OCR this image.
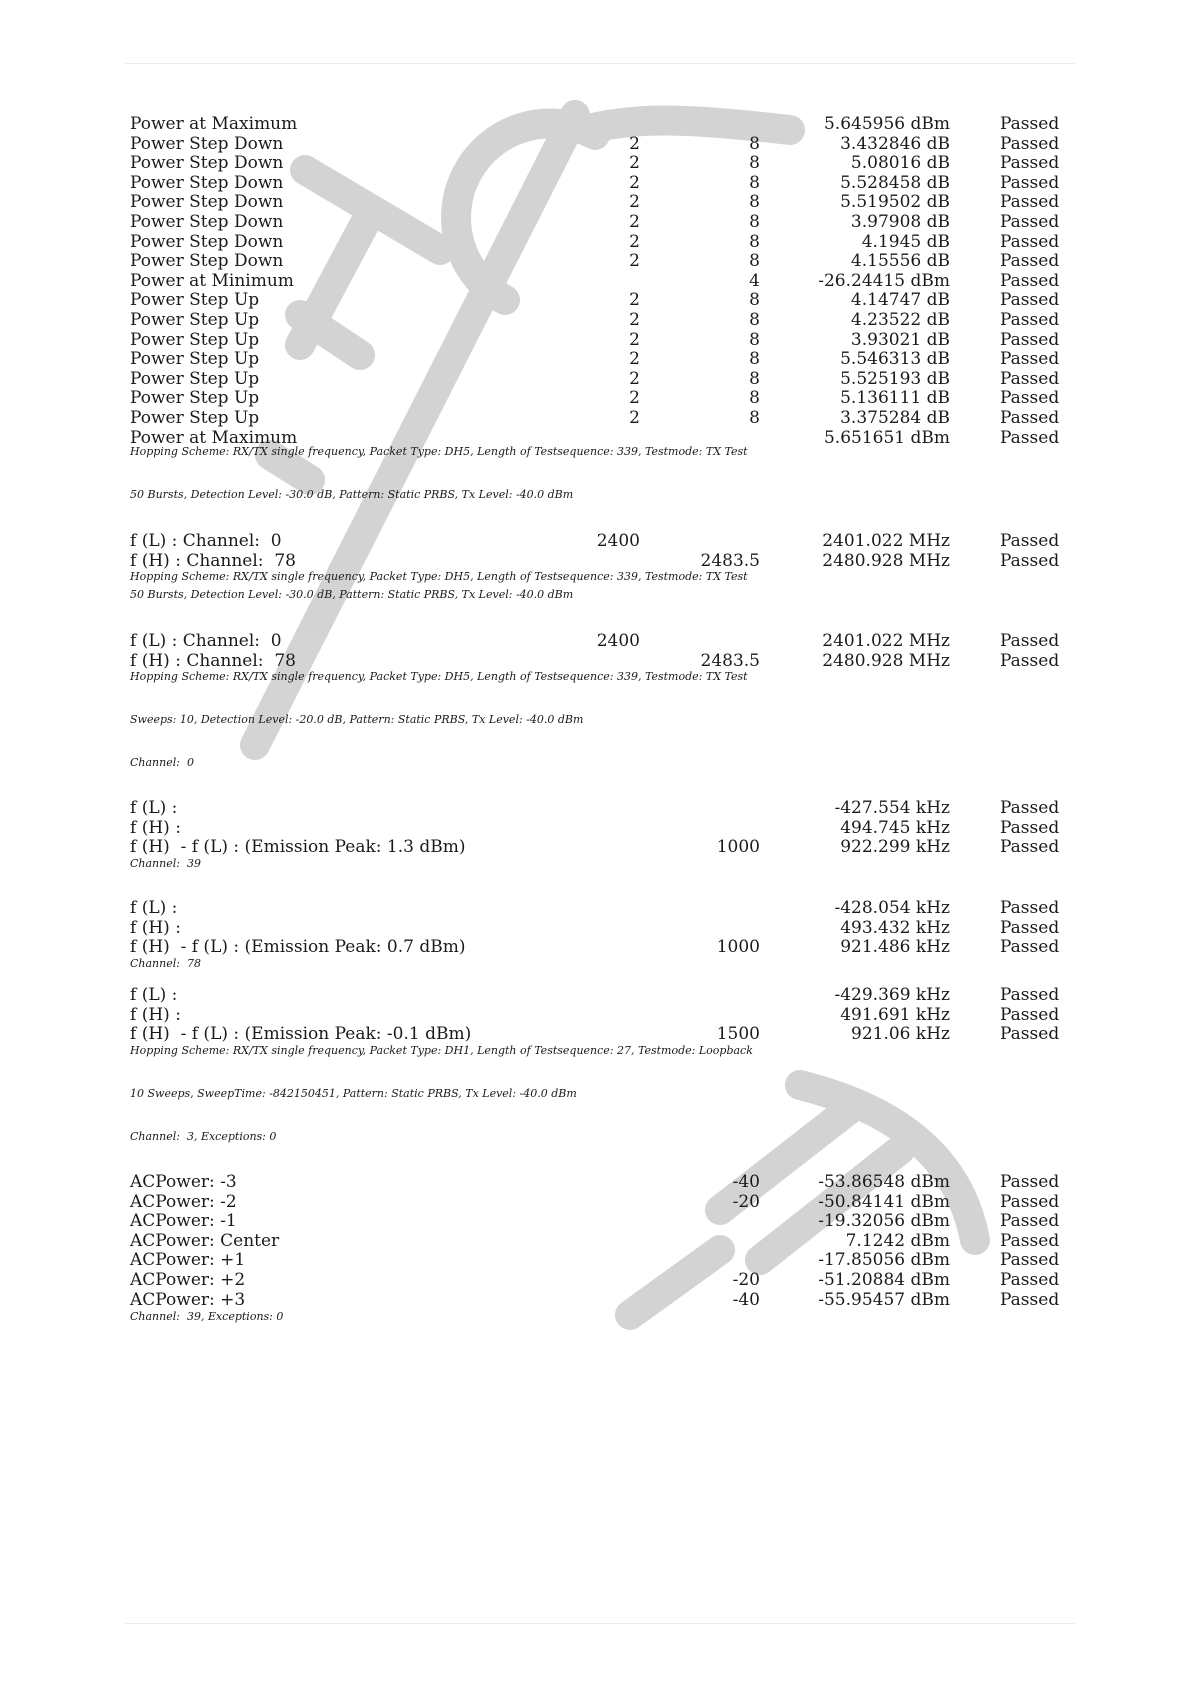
Power at Maximum	5.645956 dBm	Passed
Power Step Down	2	8	3.432846 dB	Passed
Power Step Down	2	8	5.08016 dB	Passed
Power Step Down	2	8	5.528458 dB	Passed
Power Step Down	2	8	5.519502 dB	Passed
Power Step Down	2	8	3.97908 dB	Passed
Power Step Down	2	8	4.1945 dB	Passed
Power Step Down	2	8	4.15556 dB	Passed
Power at Minimum	4	-26.24415 dBm	Passed
Power Step Up	2	8	4.14747 dB	Passed
Power Step Up	2	8	4.23522 dB	Passed
Power Step Up	2	8	3.93021 dB	Passed
Power Step Up	2	8	5.546313 dB	Passed
Power Step Up	2	8	5.525193 dB	Passed
Power Step Up	2	8	5.136111 dB	Passed
Power Step Up	2	8	3.375284 dB	Passed
Power at Maximum	5.651651 dBm	Passed
Hopping Scheme: RX/TX single frequency, Packet Type: DH5, Length of Testsequence: 339, Testmode: TX Test
50 Bursts, Detection Level: -30.0 dB, Pattern: Static PRBS, Tx Level: -40.0 dBm
f (L) : Channel:  0	2400	2401.022 MHz	Passed
f (H) : Channel:  78	2483.5	2480.928 MHz	Passed
Hopping Scheme: RX/TX single frequency, Packet Type: DH5, Length of Testsequence: 339, Testmode: TX Test
50 Bursts, Detection Level: -30.0 dB, Pattern: Static PRBS, Tx Level: -40.0 dBm
f (L) : Channel:  0	2400	2401.022 MHz	Passed
f (H) : Channel:  78	2483.5	2480.928 MHz	Passed
Hopping Scheme: RX/TX single frequency, Packet Type: DH5, Length of Testsequence: 339, Testmode: TX Test
Sweeps: 10, Detection Level: -20.0 dB, Pattern: Static PRBS, Tx Level: -40.0 dBm
Channel:  0
f (L) :	-427.554 kHz	Passed
f (H) :	494.745 kHz	Passed
f (H)  - f (L) : (Emission Peak: 1.3 dBm)	1000	922.299 kHz	Passed
Channel:  39
f (L) :	-428.054 kHz	Passed
f (H) :	493.432 kHz	Passed
f (H)  - f (L) : (Emission Peak: 0.7 dBm)	1000	921.486 kHz	Passed
Channel:  78
f (L) :	-429.369 kHz	Passed
f (H) :	491.691 kHz	Passed
f (H)  - f (L) : (Emission Peak: -0.1 dBm)	1500	921.06 kHz	Passed
Hopping Scheme: RX/TX single frequency, Packet Type: DH1, Length of Testsequence: 27, Testmode: Loopback
10 Sweeps, SweepTime: -842150451, Pattern: Static PRBS, Tx Level: -40.0 dBm
Channel:  3, Exceptions: 0
ACPower: -3	-40	-53.86548 dBm	Passed
ACPower: -2	-20	-50.84141 dBm	Passed
ACPower: -1	-19.32056 dBm	Passed
ACPower: Center	7.1242 dBm	Passed
ACPower: +1	-17.85056 dBm	Passed
ACPower: +2	-20	-51.20884 dBm	Passed
ACPower: +3	-40	-55.95457 dBm	Passed
Channel:  39, Exceptions: 0
